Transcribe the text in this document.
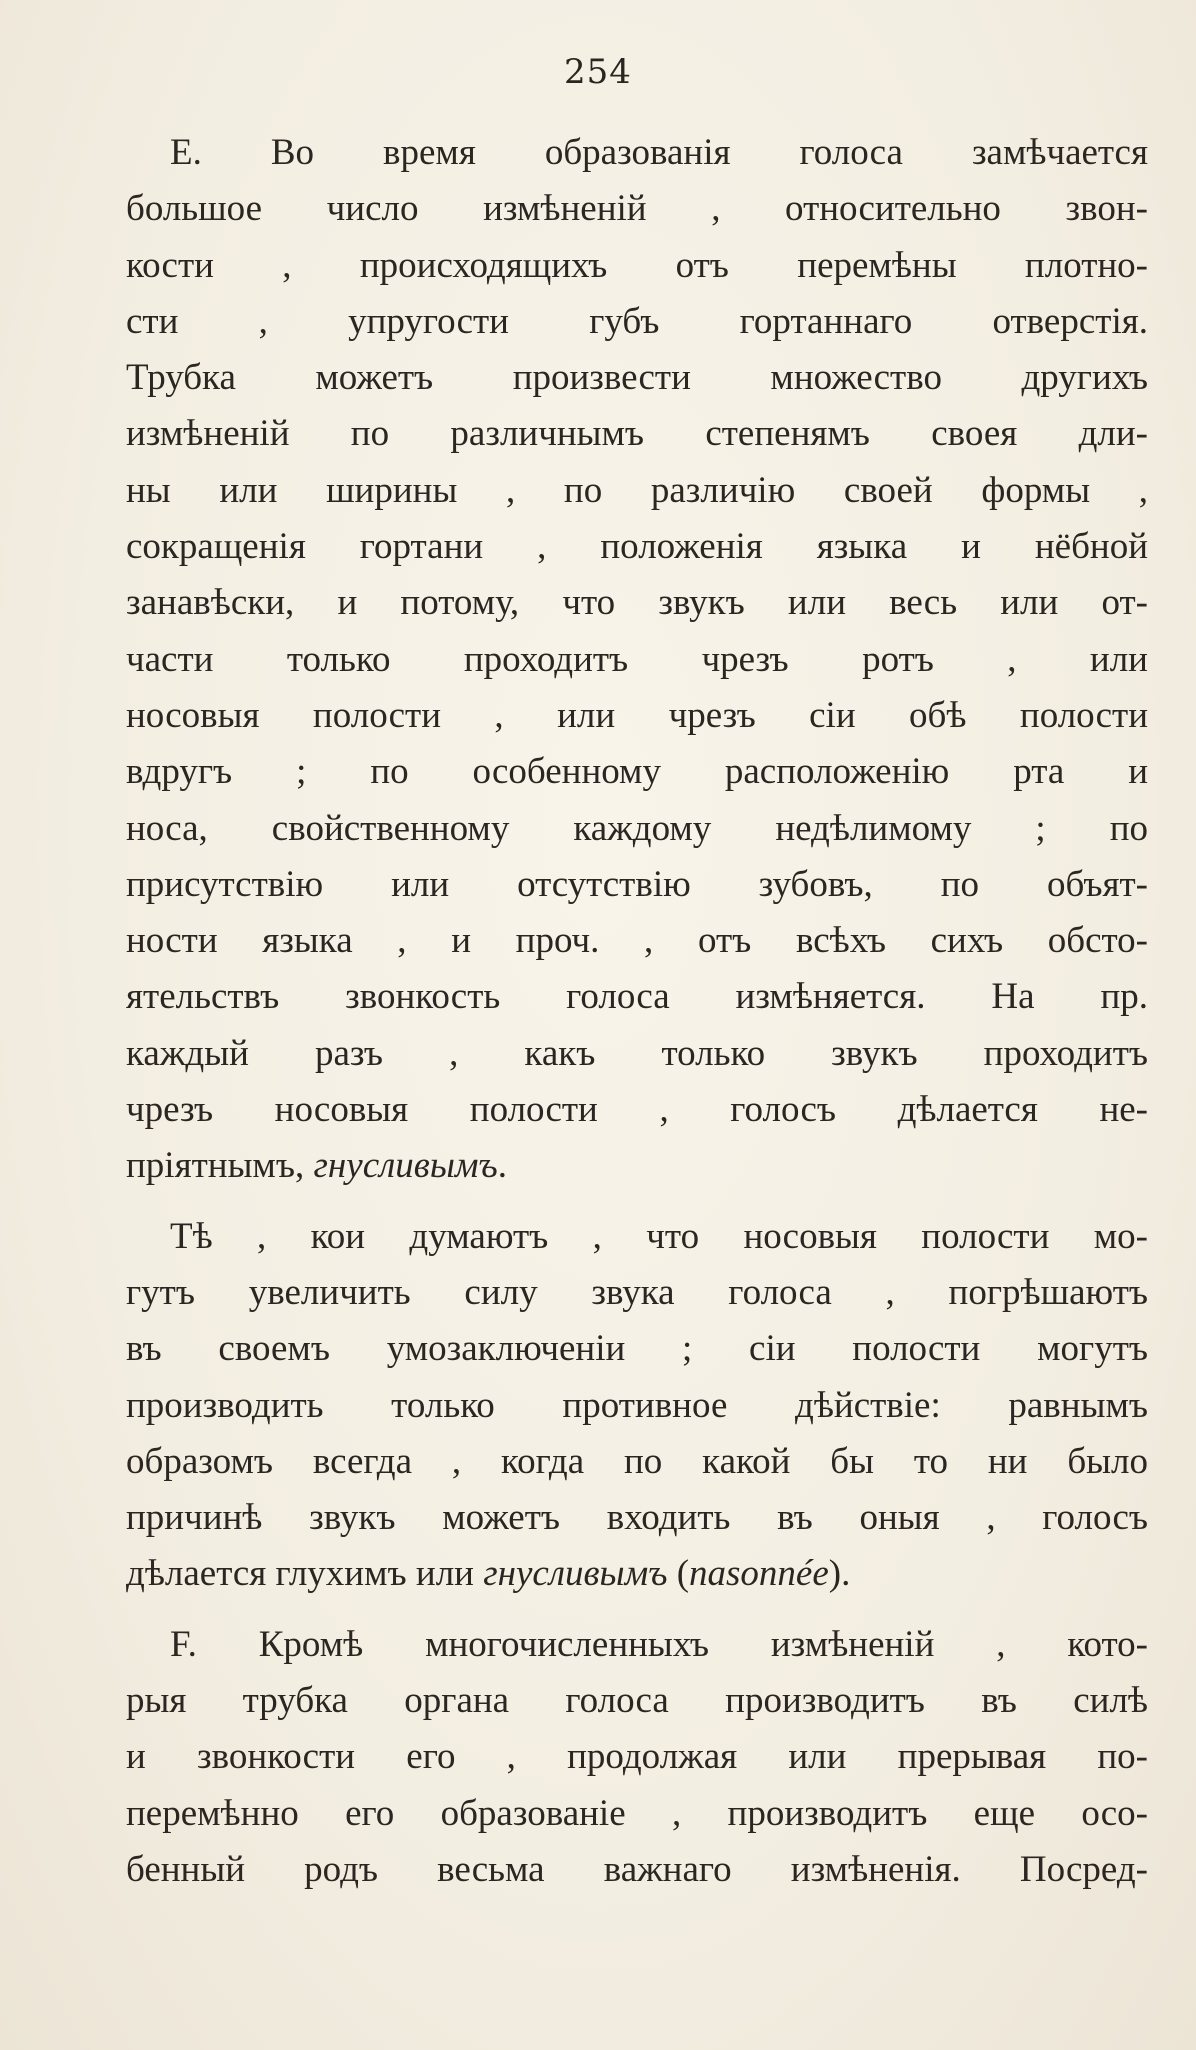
254
E. Во время образованія голоса замѣчается
большое число измѣненій , относительно звон-
кости , происходящихъ отъ перемѣны плотно-
сти , упругости губъ гортаннаго отверстія.
Трубка можетъ произвести множество другихъ
измѣненій по различнымъ степенямъ своея дли-
ны или ширины , по различію своей формы ,
сокращенія гортани , положенія языка и нёбной
занавѣски, и потому, что звукъ или весь или от-
части только проходитъ чрезъ ротъ , или
носовыя полости , или чрезъ сіи обѣ полости
вдругъ ; по особенному расположенію рта и
носа, свойственному каждому недѣлимому ; по
присутствію или отсутствію зубовъ, по объят-
ности языка , и проч. , отъ всѣхъ сихъ обсто-
ятельствъ звонкость голоса измѣняется. На пр.
каждый разъ , какъ только звукъ проходитъ
чрезъ носовыя полости , голосъ дѣлается не-
пріятнымъ, гнусливымъ.
Тѣ , кои думаютъ , что носовыя полости мо-
гутъ увеличить силу звука голоса , погрѣшаютъ
въ своемъ умозаключеніи ; сіи полости могутъ
производить только противное дѣйствіе: равнымъ
образомъ всегда , когда по какой бы то ни было
причинѣ звукъ можетъ входить въ оныя , голосъ
дѣлается глухимъ или гнусливымъ (nasonnée).
F. Кромѣ многочисленныхъ измѣненій , кото-
рыя трубка органа голоса производитъ въ силѣ
и звонкости его , продолжая или прерывая по-
перемѣнно его образованіе , производитъ еще осо-
бенный родъ весьма важнаго измѣненія. Посред-
